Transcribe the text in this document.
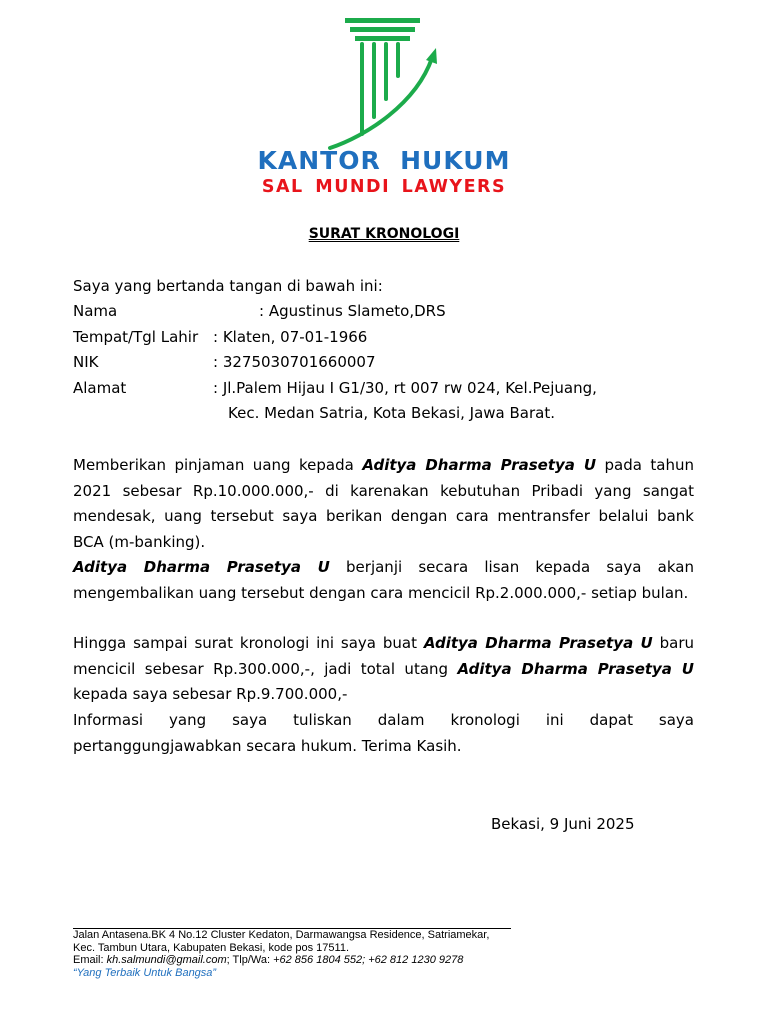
KANTOR  HUKUM
SAL MUNDI LAWYERS
SURAT KRONOLOGI
Saya yang bertanda tangan di bawah ini:
Nama	: Agustinus Slameto,DRS
Tempat/Tgl Lahir : Klaten, 07-01-1966
NIK	: 3275030701660007
Alamat	: Jl.Palem Hijau I G1/30, rt 007 rw 024, Kel.Pejuang,
Kec. Medan Satria, Kota Bekasi, Jawa Barat.
Memberikan pinjaman uang kepada Aditya Dharma Prasetya U pada tahun 2021 sebesar Rp.10.000.000,- di karenakan kebutuhan Pribadi yang sangat mendesak, uang tersebut saya berikan dengan cara mentransfer belalui bank BCA (m-banking).
Aditya Dharma Prasetya U berjanji secara lisan kepada saya akan mengembalikan uang tersebut dengan cara mencicil Rp.2.000.000,- setiap bulan.
Hingga sampai surat kronologi ini saya buat Aditya Dharma Prasetya U baru mencicil sebesar Rp.300.000,-, jadi total utang Aditya Dharma Prasetya U kepada saya sebesar Rp.9.700.000,-
Informasi yang saya tuliskan dalam kronologi ini dapat saya pertanggungjawabkan secara hukum. Terima Kasih.
Bekasi, 9 Juni 2025
Jalan Antasena.BK 4 No.12 Cluster Kedaton, Darmawangsa Residence, Satriamekar,
Kec. Tambun Utara, Kabupaten Bekasi, kode pos 17511.
Email: kh.salmundi@gmail.com; Tlp/Wa: +62 856 1804 552; +62 812 1230 9278
“Yang Terbaik Untuk Bangsa”
